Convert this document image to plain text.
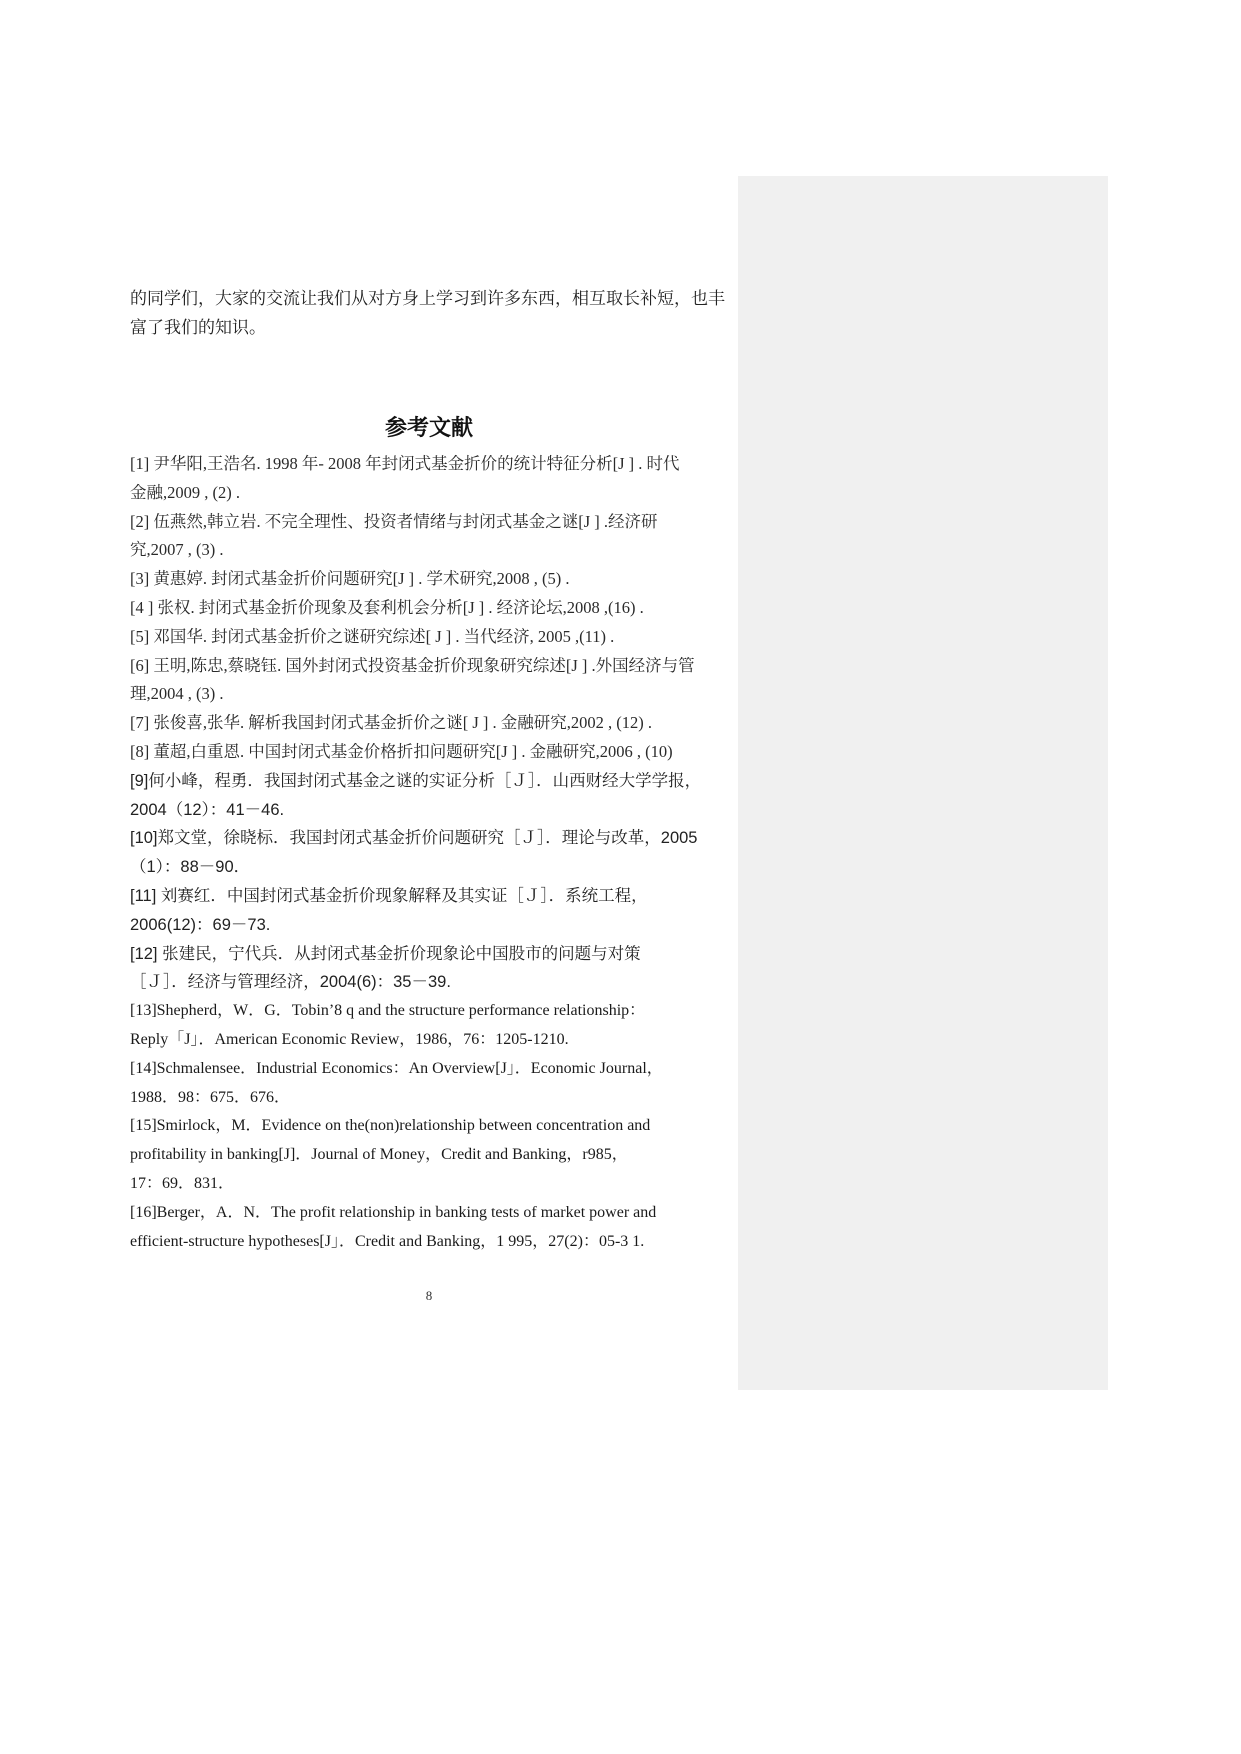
的同学们，大家的交流让我们从对方身上学习到许多东西，相互取长补短，也丰
富了我们的知识。
参考文献
[1] 尹华阳,王浩名. 1998 年- 2008 年封闭式基金折价的统计特征分析[J ] . 时代
金融,2009 , (2) .
[2] 伍燕然,韩立岩. 不完全理性、投资者情绪与封闭式基金之谜[J ] .经济研
究,2007 , (3) .
[3] 黄惠婷. 封闭式基金折价问题研究[J ] . 学术研究,2008 , (5) .
[4 ] 张权. 封闭式基金折价现象及套利机会分析[J ] . 经济论坛,2008 ,(16) .
[5] 邓国华. 封闭式基金折价之谜研究综述[ J ] . 当代经济, 2005 ,(11) .
[6] 王明,陈忠,蔡晓钰. 国外封闭式投资基金折价现象研究综述[J ] .外国经济与管
理,2004 , (3) .
[7] 张俊喜,张华. 解析我国封闭式基金折价之谜[ J ] . 金融研究,2002 , (12) .
[8] 董超,白重恩. 中国封闭式基金价格折扣问题研究[J ] . 金融研究,2006 , (10)
[9]何小峰，程勇．我国封闭式基金之谜的实证分析［Ｊ］．山西财经大学学报，
2004（12）：41－46.
[10]郑文堂，徐晓标．我国封闭式基金折价问题研究［Ｊ］．理论与改革，2005
（1）：88－90．
[11] 刘赛红．中国封闭式基金折价现象解释及其实证［Ｊ］．系统工程，
2006(12)：69－73.
[12] 张建民，宁代兵．从封闭式基金折价现象论中国股市的问题与对策
［Ｊ］．经济与管理经济，2004(6)：35－39.
[13]Shepherd，W．G．Tobin’8 q and the structure performance relationship：
Reply「J」．American Economic Review，1986，76：1205-1210.
[14]Schmalensee．Industrial Economics：An Overview[J」．Economic Journal，
1988．98：675．676．
[15]Smirlock，M．Evidence on the(non)relationship between concentration and
profitability in banking[J]．Journal of Money，Credit and Banking，r985，
17：69．831．
[16]Berger，A．N．The profit relationship in banking tests of market power and
efficient-structure hypotheses[J」．Credit and Banking，1 995，27(2)：05-3 1.
8
